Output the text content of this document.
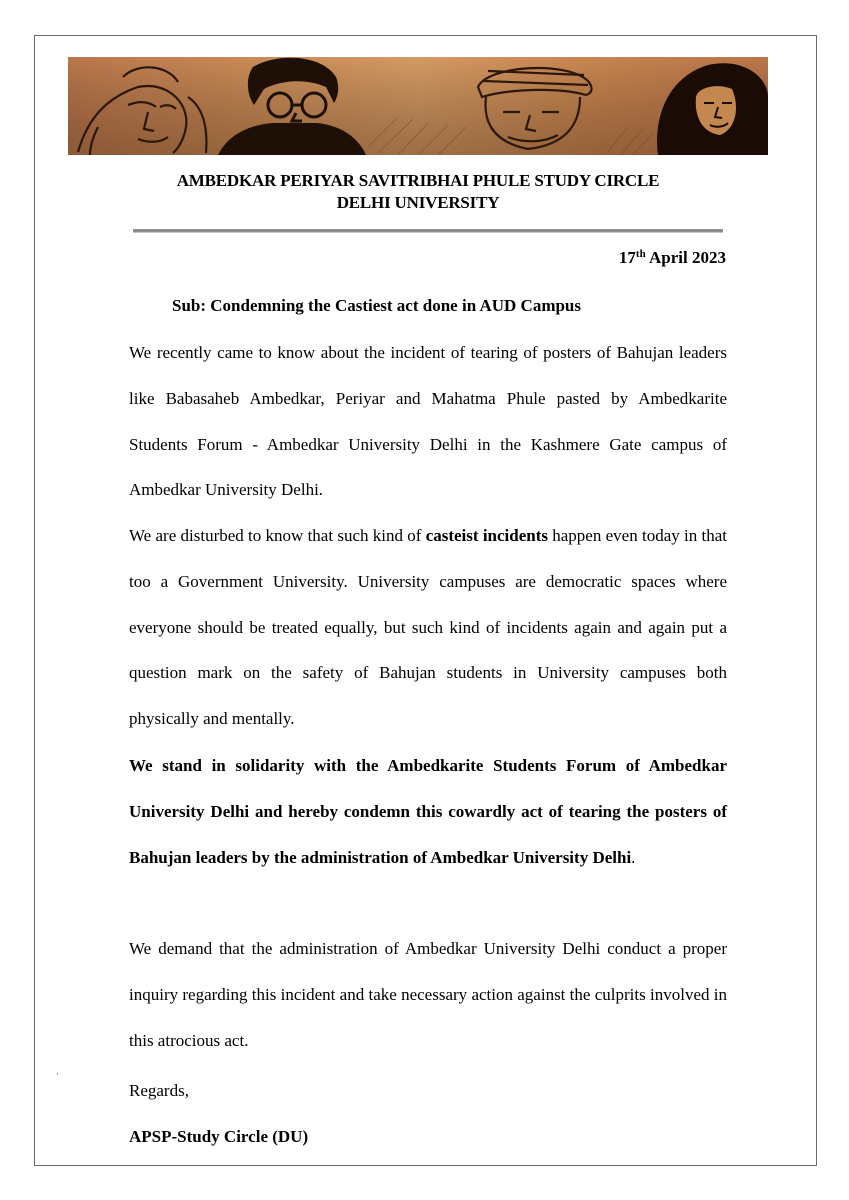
AMBEDKAR PERIYAR SAVITRIBHAI PHULE STUDY CIRCLE
DELHI UNIVERSITY
17th April 2023
Sub: Condemning the Castiest act done in AUD Campus

We recently came to know about the incident of tearing of posters of Bahujan leaders like Babasaheb Ambedkar, Periyar and Mahatma Phule pasted by Ambedkarite Students Forum - Ambedkar University Delhi in the Kashmere Gate campus of Ambedkar University Delhi.

We are disturbed to know that such kind of casteist incidents happen even today in that too a Government University. University campuses are democratic spaces where everyone should be treated equally, but such kind of incidents again and again put a question mark on the safety of Bahujan students in University campuses both physically and mentally.

We stand in solidarity with the Ambedkarite Students Forum of Ambedkar University Delhi and hereby condemn this cowardly act of tearing the posters of Bahujan leaders by the administration of Ambedkar University Delhi.

We demand that the administration of Ambedkar University Delhi conduct a proper inquiry regarding this incident and take necessary action against the culprits involved in this atrocious act.

Regards,
APSP-Study Circle (DU)
